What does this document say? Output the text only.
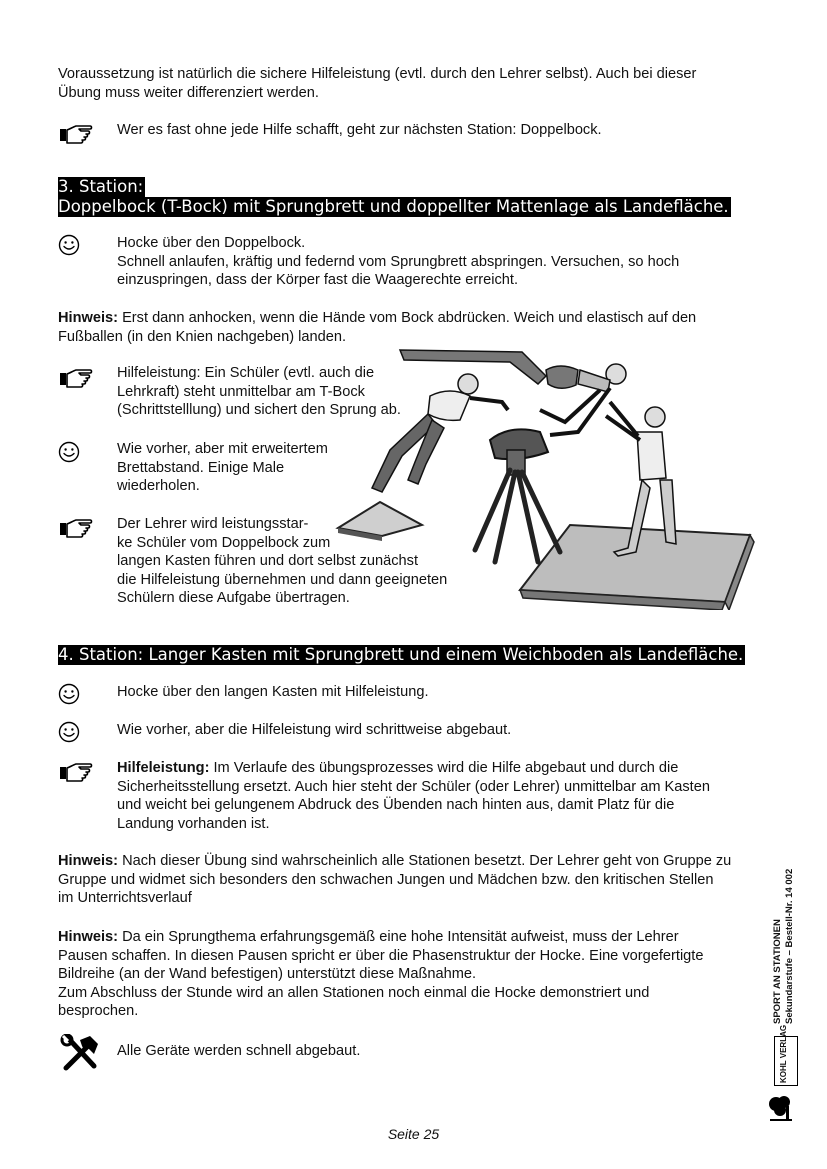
Voraussetzung ist natürlich die sichere Hilfeleistung (evtl. durch den Lehrer selbst). Auch bei dieser

Übung muss weiter differenziert werden.

Wer es fast ohne jede Hilfe schafft, geht zur nächsten Station: Doppelbock.
3. Station:
Doppelbock (T-Bock) mit Sprungbrett und doppellter Mattenlage als Landefläche.

Hocke über den Doppelbock.

Schnell anlaufen, kräftig und federnd vom Sprungbrett abspringen. Versuchen, so hoch

einzuspringen, dass der Körper fast die Waagerechte erreicht.

Hinweis: Erst dann anhocken, wenn die Hände vom Bock abdrücken. Weich und elastisch auf den

Fußballen (in den Knien nachgeben) landen.

Hilfeleistung: Ein Schüler (evtl. auch die

Lehrkraft) steht unmittelbar am T-Bock

(Schrittstelllung) und sichert den Sprung ab.

Wie vorher, aber mit erweitertem

Brettabstand. Einige Male

wiederholen.

Der Lehrer wird leistungsstar-

ke Schüler vom Doppelbock zum

langen Kasten führen und dort selbst zunächst

die Hilfeleistung übernehmen und dann geeigneten

Schülern diese Aufgabe übertragen.

4. Station: Langer Kasten mit Sprungbrett und einem Weichboden als Landefläche.
Hocke über den langen Kasten mit Hilfeleistung.
Wie vorher, aber die Hilfeleistung wird schrittweise abgebaut.

Hilfeleistung: Im Verlaufe des übungsprozesses wird die Hilfe abgebaut und durch die

Sicherheitsstellung ersetzt. Auch hier steht der Schüler (oder Lehrer) unmittelbar am Kasten

und weicht bei gelungenem Abdruck des Übenden nach hinten aus, damit Platz für die

Landung vorhanden ist.

Hinweis: Nach dieser Übung sind wahrscheinlich alle Stationen besetzt. Der Lehrer geht von Gruppe zu

Gruppe und widmet sich besonders den schwachen Jungen und Mädchen bzw. den kritischen Stellen

im Unterrichtsverlauf

Hinweis: Da ein Sprungthema erfahrungsgemäß eine hohe Intensität aufweist, muss der Lehrer

Pausen schaffen. In diesen Pausen spricht er über die Phasenstruktur der Hocke. Eine vorgefertigte

Bildreihe (an der Wand befestigen) unterstützt diese Maßnahme.

Zum Abschluss der Stunde wird an allen Stationen noch einmal die Hocke demonstriert und

besprochen.

Alle Geräte werden schnell abgebaut.
SPORT AN STATIONEN Sekundarstufe – Bestell-Nr. 14 002
KOHL VERLAG
Seite 25
